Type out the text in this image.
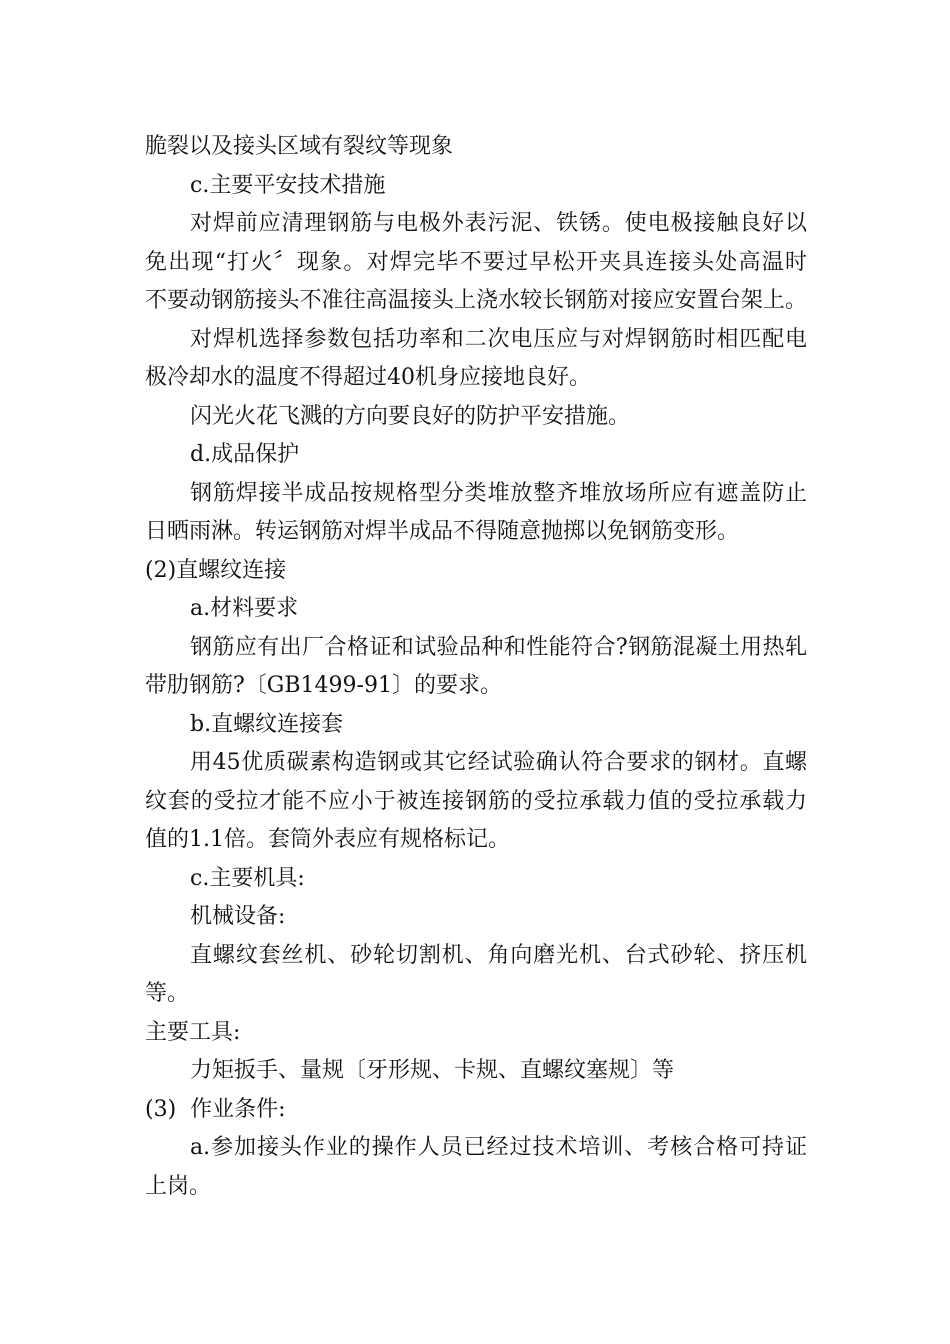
脆裂以及接头区域有裂纹等现象
c.主要平安技术措施
对焊前应清理钢筋与电极外表污泥、铁锈。使电极接触良好以
免出现“打火〞现象。对焊完毕不要过早松开夹具连接头处高温时
不要动钢筋接头不准往高温接头上浇水较长钢筋对接应安置台架上。
对焊机选择参数包括功率和二次电压应与对焊钢筋时相匹配电
极冷却水的温度不得超过40机身应接地良好。
闪光火花飞溅的方向要良好的防护平安措施。
d.成品保护
钢筋焊接半成品按规格型分类堆放整齐堆放场所应有遮盖防止
日晒雨淋。转运钢筋对焊半成品不得随意抛掷以免钢筋变形。
(2)直螺纹连接
a.材料要求
钢筋应有出厂合格证和试验品种和性能符合?钢筋混凝土用热轧
带肋钢筋?〔GB1499-91〕的要求。
b.直螺纹连接套
用45优质碳素构造钢或其它经试验确认符合要求的钢材。直螺
纹套的受拉才能不应小于被连接钢筋的受拉承载力值的受拉承载力
值的1.1倍。套筒外表应有规格标记。
c.主要机具:
机械设备:
直螺纹套丝机、砂轮切割机、角向磨光机、台式砂轮、挤压机
等。
主要工具:
力矩扳手、量规〔牙形规、卡规、直螺纹塞规〕等
(3)  作业条件:
a.参加接头作业的操作人员已经过技术培训、考核合格可持证
上岗。
